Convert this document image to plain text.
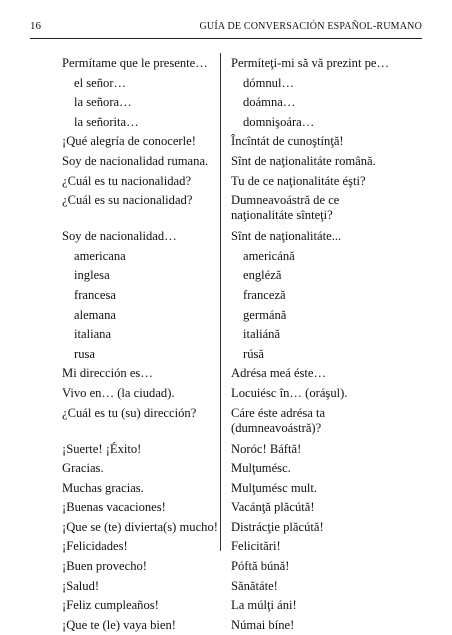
16	GUÍA DE CONVERSACIÓN ESPAÑOL-RUMANO
Permítame que le presente…
el señor…
la señora…
la señorita…
¡Qué alegría de conocerle!
Soy de nacionalidad rumana.
¿Cuál es tu nacionalidad?
¿Cuál es su nacionalidad?
Soy de nacionalidad…
americana
inglesa
francesa
alemana
italiana
rusa
Mi dirección es…
Vivo en… (la ciudad).
¿Cuál es tu (su) dirección?
¡Suerte! ¡Éxito!
Gracias.
Muchas gracias.
¡Buenas vacaciones!
¡Que se (te) divierta(s) mucho!
¡Felicidades!
¡Buen provecho!
¡Salud!
¡Feliz cumpleaños!
¡Que te (le) vaya bien!
Permíteţi-mi să vă prezint pe…
dómnul…
doámna…
domnişoára…
Încîntát de cunoştínţă!
Sînt de naţionalitáte română.
Tu de ce naţionalitáte éşti?
Dumneavoástră de ce naţionalitáte sînteţi?
Sînt de naţionalitáte...
americánă
engléză
franceză
germánă
italiánă
rúsă
Adrésa meá éste…
Locuiésc în… (oráşul).
Cáre éste adrésa ta (dumneavoástră)?
Noróc! Báftă!
Mulţumésc.
Mulţumésc mult.
Vacánţă plăcútă!
Distrácţie plăcútă!
Felicitări!
Póftă búnă!
Sănătáte!
La múlţi áni!
Númai bíne!
